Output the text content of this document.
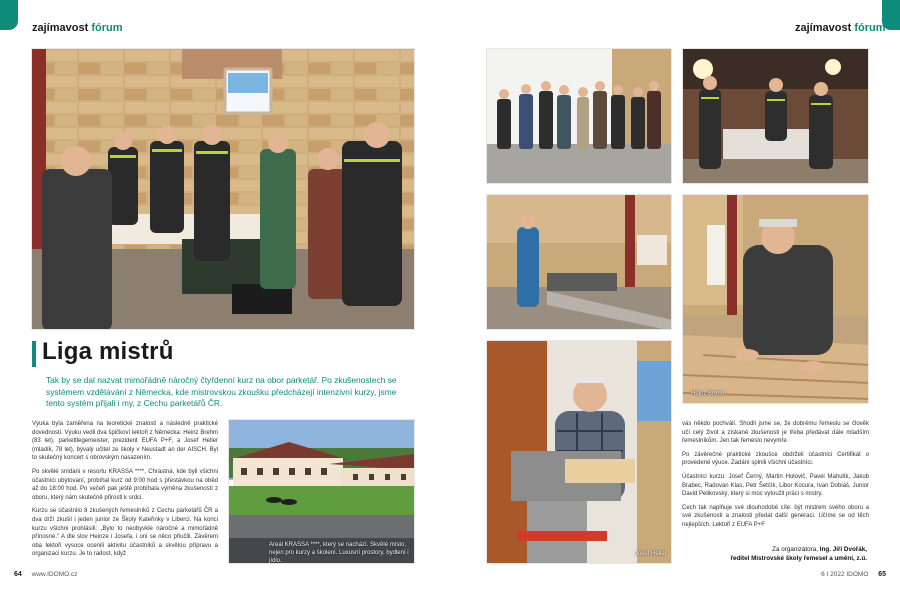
zajímavost fórum	zajímavost fórum
Liga mistrů

Tak by se dal nazvat mimořádně náročný čtyřdenní kurz na obor parketář. Po zkušenostech se systémem vzdělávání z Německa, kde mistrovskou zkoušku předcházejí intenzivní kurzy, jsme tento systém přijali i my, z Cechu parketářů ČR.

Výuka byla zaměřena na teoretické znalosti a následně praktické dovednosti. Výuku vedli dva špičkoví lektoři z Německa: Heinz Brehm (83 let), parkettlegemeister, prezident EUFA P+F, a Josef Heller (mladík, 78 let), bývalý učitel ze školy v Neustadt an der AISCH. Byl to skutečný koncert s obrovským nasazením.

Po skvělé snídani v resortu KRASSA ****, Chrastná, kde byli všichni účastníci ubytovaní, probíhal kurz od 9:00 hod s přestávkou na oběd až do 18:00 hod. Po večeři pak ještě probíhala výměna zkušeností z oboru, který nám skutečně přirostl k srdci.

Kurzu se účastnilo 8 zkušených řemeslníků z Cechu parketářů ČR a dva drží zkušil i jeden junior ze Školy Kateřinky v Liberci. Na konci kurzu všichni prohlásili: „Bylo to neobyvkle náročné a mimořádně přínosné." A dle slov Heinze i Josefa, i oni se něco přiučili. Závěrem oba lektoři vysoce ocenili aktivitu účastníků a skvělou přípravu a organizaci kurzu. Je to radost, když

Areál KRASSA ****, který se nachází. Skvělé místo, nejen pro kurzy a školení. Luxusní prostory, bydlení i jídlo.
Heinz Brehm
Josef Heller

vás někdo pochválí. Shodli jsme se, že dobrému řemeslu se člověk učí celý život a získané zkušenosti je třeba předávat dále mladším řemeslníkům. Jen tak řemeslo nevymře.

Po závěrečné praktické zkoušce obdrželi účastníci Certifikát o provedené výuce. Zadání splnili všichni účastníci.

Účastníci kurzu: Josef Černý, Martin Holovič, Pavel Mahulík, Jakub Brabec, Radovan Klas, Petr Šetčík, Libor Kocura, Ivan Dobiáš, Junior David Pelikovský, který si moc vytoužil práci s mistry.

Cech tak naplňuje své dlouhodobé cíle: být mistrem svého oboru a své zkušenosti a znalosti předat další generaci. Učíme se od těch nejlepších. Lektoři z EUFA P+F

Za organizátora, Ing. Jiří Dvořák,
ředitel Mistrovské školy řemesel a umění, z.ú.
64 www.IDOMO.cz	6 I 2022 IDOMO 65
